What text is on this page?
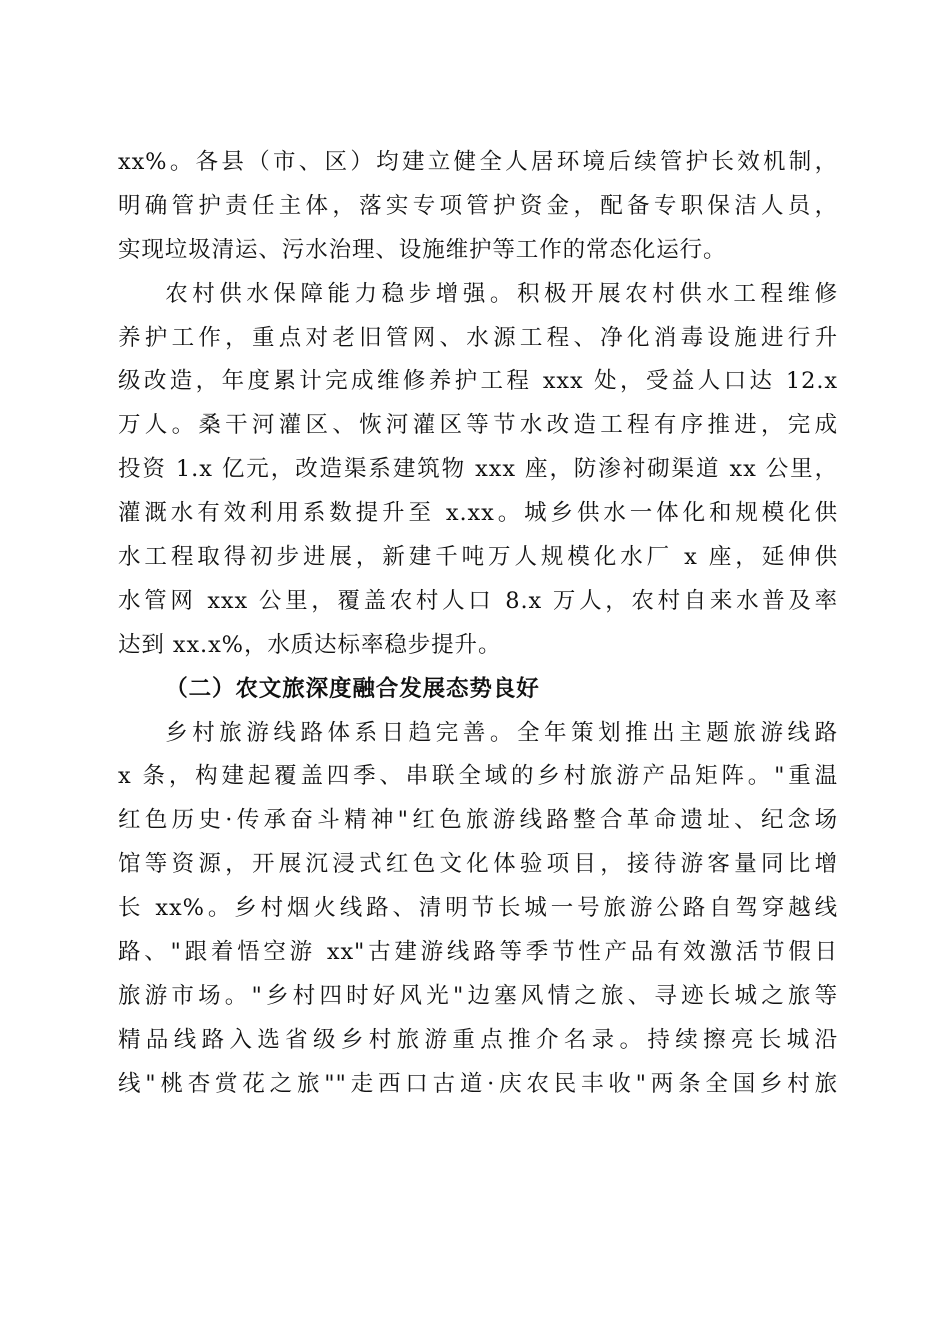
xx%。各县（市、区）均建立健全人居环境后续管护长效机制，
明确管护责任主体，落实专项管护资金，配备专职保洁人员，
实现垃圾清运、污水治理、设施维护等工作的常态化运行。
农村供水保障能力稳步增强。积极开展农村供水工程维修
养护工作，重点对老旧管网、水源工程、净化消毒设施进行升
级改造，年度累计完成维修养护工程 xxx 处，受益人口达 12.x
万人。桑干河灌区、恢河灌区等节水改造工程有序推进，完成
投资 1.x 亿元，改造渠系建筑物 xxx 座，防渗衬砌渠道 xx 公里，
灌溉水有效利用系数提升至 x.xx。城乡供水一体化和规模化供
水工程取得初步进展，新建千吨万人规模化水厂 x 座，延伸供
水管网 xxx 公里，覆盖农村人口 8.x 万人，农村自来水普及率
达到 xx.x%，水质达标率稳步提升。
（二）农文旅深度融合发展态势良好
乡村旅游线路体系日趋完善。全年策划推出主题旅游线路
x 条，构建起覆盖四季、串联全域的乡村旅游产品矩阵。"重温
红色历史·传承奋斗精神"红色旅游线路整合革命遗址、纪念场
馆等资源，开展沉浸式红色文化体验项目，接待游客量同比增
长 xx%。乡村烟火线路、清明节长城一号旅游公路自驾穿越线
路、"跟着悟空游 xx"古建游线路等季节性产品有效激活节假日
旅游市场。"乡村四时好风光"边塞风情之旅、寻迹长城之旅等
精品线路入选省级乡村旅游重点推介名录。持续擦亮长城沿
线"桃杏赏花之旅""走西口古道·庆农民丰收"两条全国乡村旅
